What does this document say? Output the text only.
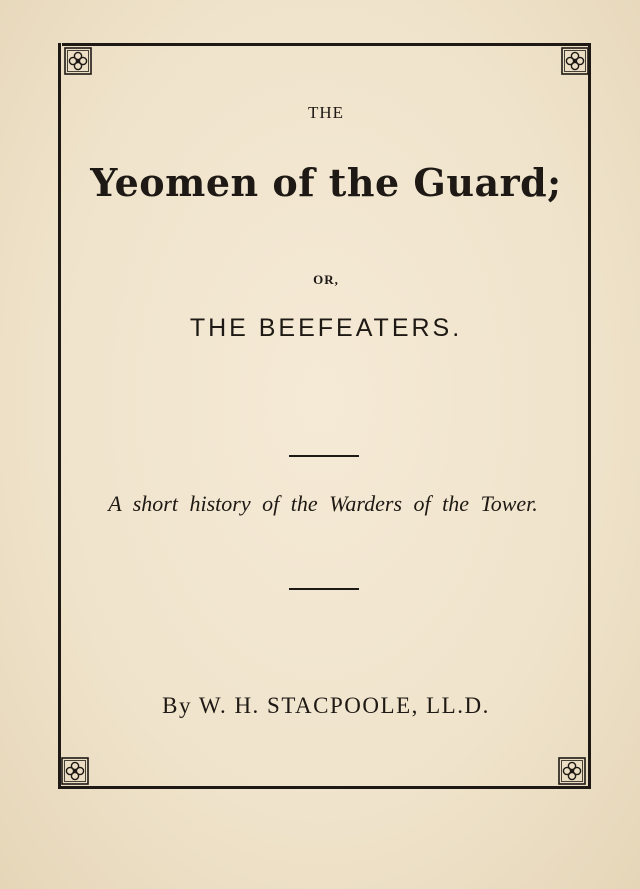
THE
Yeomen of the Guard;
OR,
THE BEEFEATERS.
A short history of the Warders of the Tower.
By W. H. STACPOOLE, LL.D.
